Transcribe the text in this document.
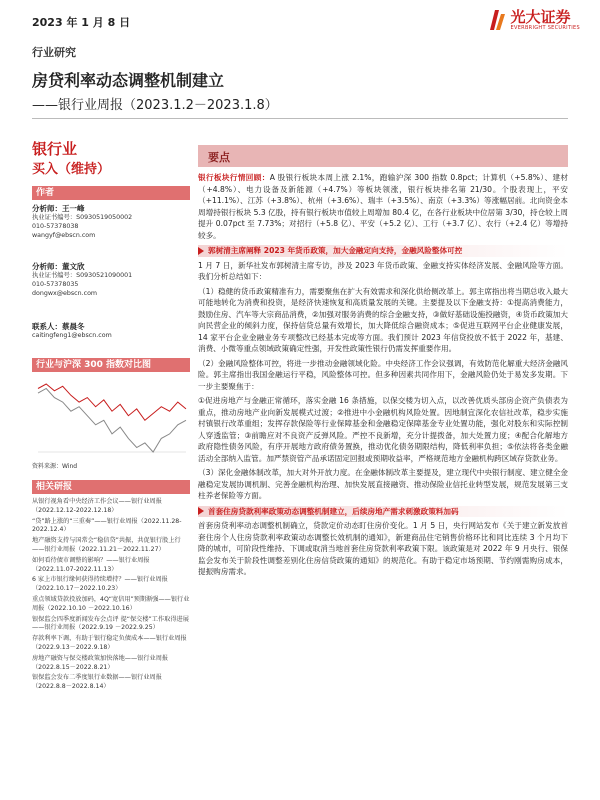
2023 年 1 月 8 日	光大证券
EVERBRIGHT SECURITIES
行业研究
房贷利率动态调整机制建立
——银行业周报（2023.1.2－2023.1.8）
银行业
买入（维持）
作者
分析师：王一峰
执业证书编号：S0930519050002
010-57378038
wangyf@ebscn.com
分析师：董文欣
执业证书编号：S0930521090001
010-57378035
dongwx@ebscn.com
联系人：蔡晨冬
caitingfeng1@ebscn.com
行业与沪深 300 指数对比图
资料来源：Wind
相关研报
从银行视角看中央经济工作会议——银行业周报（2022.12.12-2022.12.18）
“贷”路上涨的“三重奏”——银行业周报（2022.11.28-2022.12.4）
地产融资支持与国常会“稳信贷”共振，共促银行股上行——银行业周报（2022.11.21－2022.11.27）
如何看待债市调整的影响？——银行业周报（2022.11.07-2022.11.13）
6 家上市银行缘何获得持续增持？——银行业周报（2022.10.17－2022.10.23）
重点领域贷款投放加码，4Q“宽信用”预期渐强——银行业周报（2022.10.10 －2022.10.16）
银保监会四季度新闻发布会点评 提“保交楼”工作取得进展——银行业周报（2022.9.19 －2022.9.25）
存款利率下调，有助于银行稳定负债成本——银行业周报（2022.9.13－2022.9.18）
房地产融资与保交楼政策加快落地——银行业周报（2022.8.15－2022.8.21）
银保监会发布二季度银行业数据——银行业周报（2022.8.8－2022.8.14）
要点

银行板块行情回顾：A 股银行板块本周上涨 2.1%，跑输沪深 300 指数 0.8pct；计算机（+5.8%）、建材（+4.8%）、电力设备及新能源（+4.7%）等板块领涨，银行板块排名第 21/30。个股表现上，平安（+11.1%）、江苏（+3.8%）、杭州（+3.6%）、瑞丰（+3.5%）、南京（+3.3%）等涨幅居前。北向资金本周增持银行板块 5.3 亿股，持有银行板块市值较上周增加 80.4 亿，在各行业板块中位居第 3/30，持仓较上周提升 0.07pct 至 7.73%；对招行（+5.8 亿）、平安（+5.2 亿）、工行（+3.7 亿）、农行（+2.4 亿）等增持较多。

郭树清主席阐释 2023 年货币政策，加大金融定向支持，金融风险整体可控

1 月 7 日，新华社发布郭树清主席专访，涉及 2023 年货币政策、金融支持实体经济发展、金融风险等方面。我们分析总结如下：

（1）稳健的货币政策精准有力，需要聚焦在扩大有效需求和深化供给侧改革上。郭主席指出将当期总收入最大可能地转化为消费和投资，是经济快速恢复和高质量发展的关键。主要提及以下金融支持：①提高消费能力，鼓励住房、汽车等大宗商品消费，②加强对服务消费的综合金融支持，③做好基础设施投融资，④货币政策加大向民营企业的倾斜力度，保持信贷总量有效增长，加大降低综合融资成本；⑤促进互联网平台企业健康发展，14 家平台企业金融业务专项整改已经基本完成等方面。我们预计 2023 年信贷投放不低于 2022 年，基建、消费、小微等重点领域政策确定性强，开发性政策性银行仍需发挥重要作用。

（2）金融风险整体可控，将进一步推动金融领域化险。中央经济工作会议强调，有效防范化解重大经济金融风险。郭主席指出我国金融运行平稳，风险整体可控。但多种因素共同作用下，金融风险仍处于易发多发期。下一步主要聚焦于：

①促进房地产与金融正常循环，落实金融 16 条措施，以保交楼为切入点，以改善优质头部房企资产负债表为重点，推动房地产业向新发展模式过渡；②推进中小金融机构风险处置。因地制宜深化农信社改革，稳步实施村镇银行改革重组；发挥存款保险等行业保障基金和金融稳定保障基金专业处置功能，强化对股东和实际控制人穿透监管；③前瞻应对不良资产反弹风险。严控不良新增，充分计提拨备，加大处置力度；④配合化解地方政府隐性债务风险，有序开展地方政府债务置换，推动优化债务期限结构，降低利率负担；⑤依法将各类金融活动全部纳入监管。加严禁资管产品承诺固定回报或预期收益率，严格规范地方金融机构跨区域存贷款业务。

（3）深化金融体制改革，加大对外开放力度。在金融体制改革主要提及，建立现代中央银行制度、建立健全金融稳定发展协调机制、完善金融机构治理、加快发展直接融资、推动保险业信托业转型发展，规范发展第三支柱养老保险等方面。

首套住房贷款利率政策动态调整机制建立，后续房地产需求刺激政策料加码

首套房贷利率动态调整机制确立，贷款定价动态盯住房价变化。1 月 5 日，央行网站发布《关于建立新发放首套住房个人住房贷款利率政策动态调整长效机制的通知》，新建商品住宅销售价格环比和同比连续 3 个月均下降的城市，可阶段性维持、下调或取消当地首套住房贷款利率政策下限。该政策是对 2022 年 9 月央行、银保监会发布关于阶段性调整差别化住房信贷政策的通知》的规范化。有助于稳定市场预期、节约刚需购房成本，提振购房需求。
